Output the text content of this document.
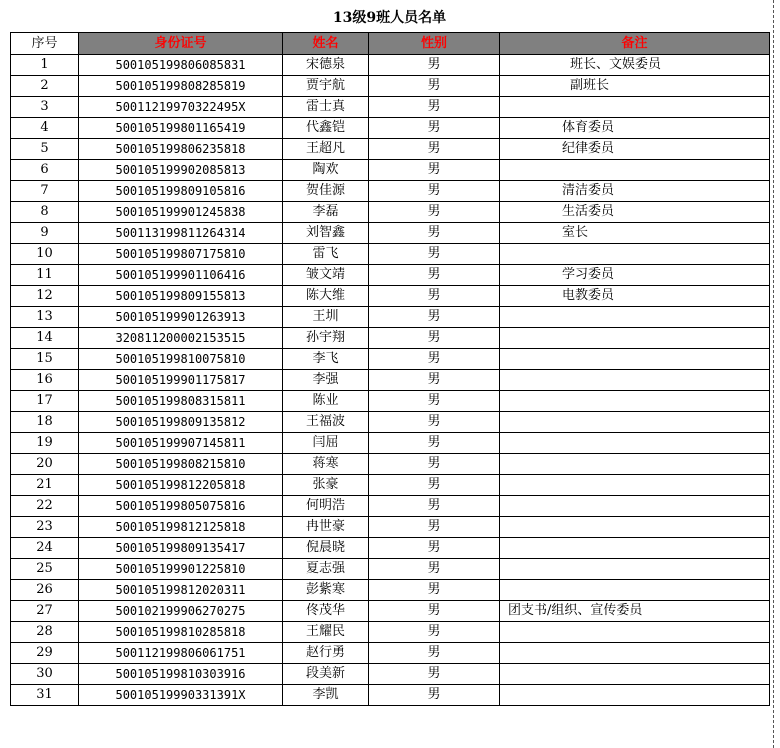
13级9班人员名单
序号	身份证号	姓名	性别	备注
1	500105199806085831	宋德泉	男	班长、文娱委员
2	500105199808285819	贾宇航	男	副班长
3	50011219970322495X	雷士真	男	
4	500105199801165419	代鑫铠	男	体育委员
5	500105199806235818	王超凡	男	纪律委员
6	500105199902085813	陶欢	男	
7	500105199809105816	贺佳源	男	清洁委员
8	500105199901245838	李磊	男	生活委员
9	500113199811264314	刘智鑫	男	室长
10	500105199807175810	雷飞	男	
11	500105199901106416	皱文靖	男	学习委员
12	500105199809155813	陈大维	男	电教委员
13	500105199901263913	王圳	男	
14	320811200002153515	孙宇翔	男	
15	500105199810075810	李飞	男	
16	500105199901175817	李强	男	
17	500105199808315811	陈业	男	
18	500105199809135812	王福波	男	
19	500105199907145811	闫屈	男	
20	500105199808215810	蒋寒	男	
21	500105199812205818	张豪	男	
22	500105199805075816	何明浩	男	
23	500105199812125818	冉世豪	男	
24	500105199809135417	倪晨晓	男	
25	500105199901225810	夏志强	男	
26	500105199812020311	彭紫寒	男	
27	500102199906270275	佟茂华	男	团支书/组织、宣传委员
28	500105199810285818	王耀民	男	
29	500112199806061751	赵行勇	男	
30	500105199810303916	段美新	男	
31	50010519990331391X	李凯	男	
